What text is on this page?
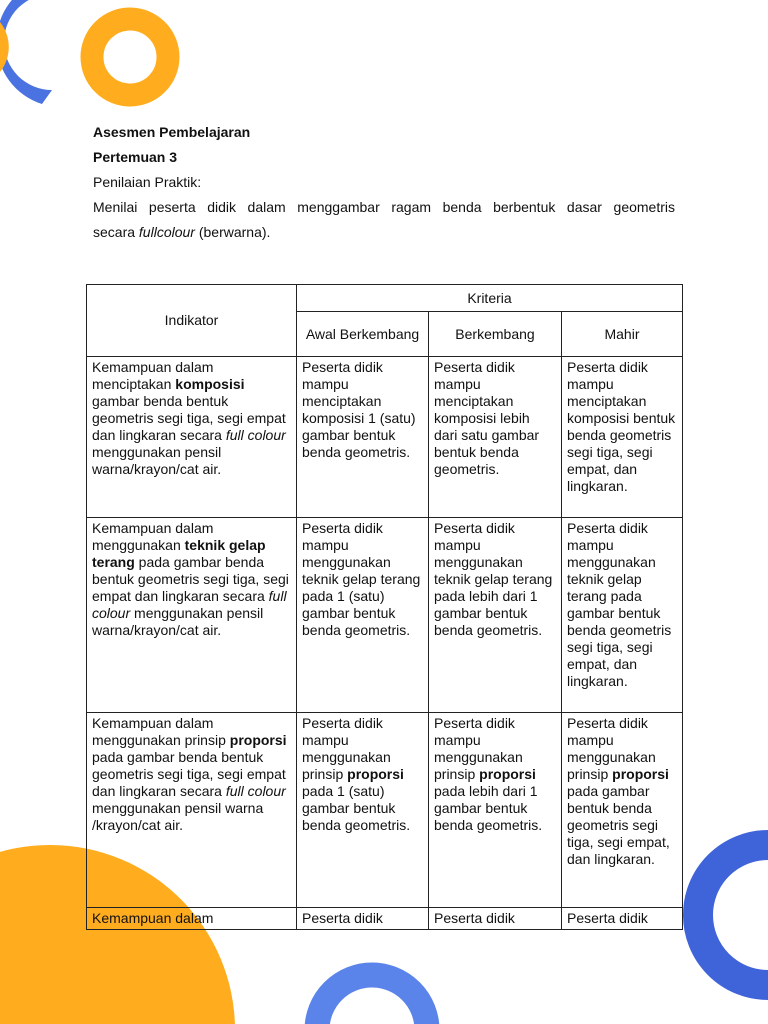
Asesmen Pembelajaran

Pertemuan 3

Penilaian Praktik:

Menilai peserta didik dalam menggambar ragam benda berbentuk dasar geometris

secara fullcolour (berwarna).

Indikator	Kriteria		
	Awal Berkembang	Berkembang	Mahir
Kemampuan dalam menciptakan komposisi gambar benda bentuk geometris segi tiga, segi empat dan lingkaran secara full colour menggunakan pensil warna/krayon/cat air.	Peserta didik mampu menciptakan komposisi 1 (satu) gambar bentuk benda geometris.	Peserta didik mampu menciptakan komposisi lebih dari satu gambar bentuk benda geometris.	Peserta didik mampu menciptakan komposisi bentuk benda geometris segi tiga, segi empat, dan lingkaran.
Kemampuan dalam menggunakan teknik gelap terang pada gambar benda bentuk geometris segi tiga, segi empat dan lingkaran secara full colour menggunakan pensil warna/krayon/cat air.	Peserta didik mampu menggunakan teknik gelap terang pada 1 (satu) gambar bentuk benda geometris.	Peserta didik mampu menggunakan teknik gelap terang pada lebih dari 1 gambar bentuk benda geometris.	Peserta didik mampu menggunakan teknik gelap terang pada gambar bentuk benda geometris segi tiga, segi empat, dan lingkaran.
Kemampuan dalam menggunakan prinsip proporsi pada gambar benda bentuk geometris segi tiga, segi empat dan lingkaran secara full colour menggunakan pensil warna /krayon/cat air.	Peserta didik mampu menggunakan prinsip proporsi pada 1 (satu) gambar bentuk benda geometris.	Peserta didik mampu menggunakan prinsip proporsi pada lebih dari 1 gambar bentuk benda geometris.	Peserta didik mampu menggunakan prinsip proporsi pada gambar bentuk benda geometris segi tiga, segi empat, dan lingkaran.
Kemampuan dalam	Peserta didik	Peserta didik	Peserta didik
